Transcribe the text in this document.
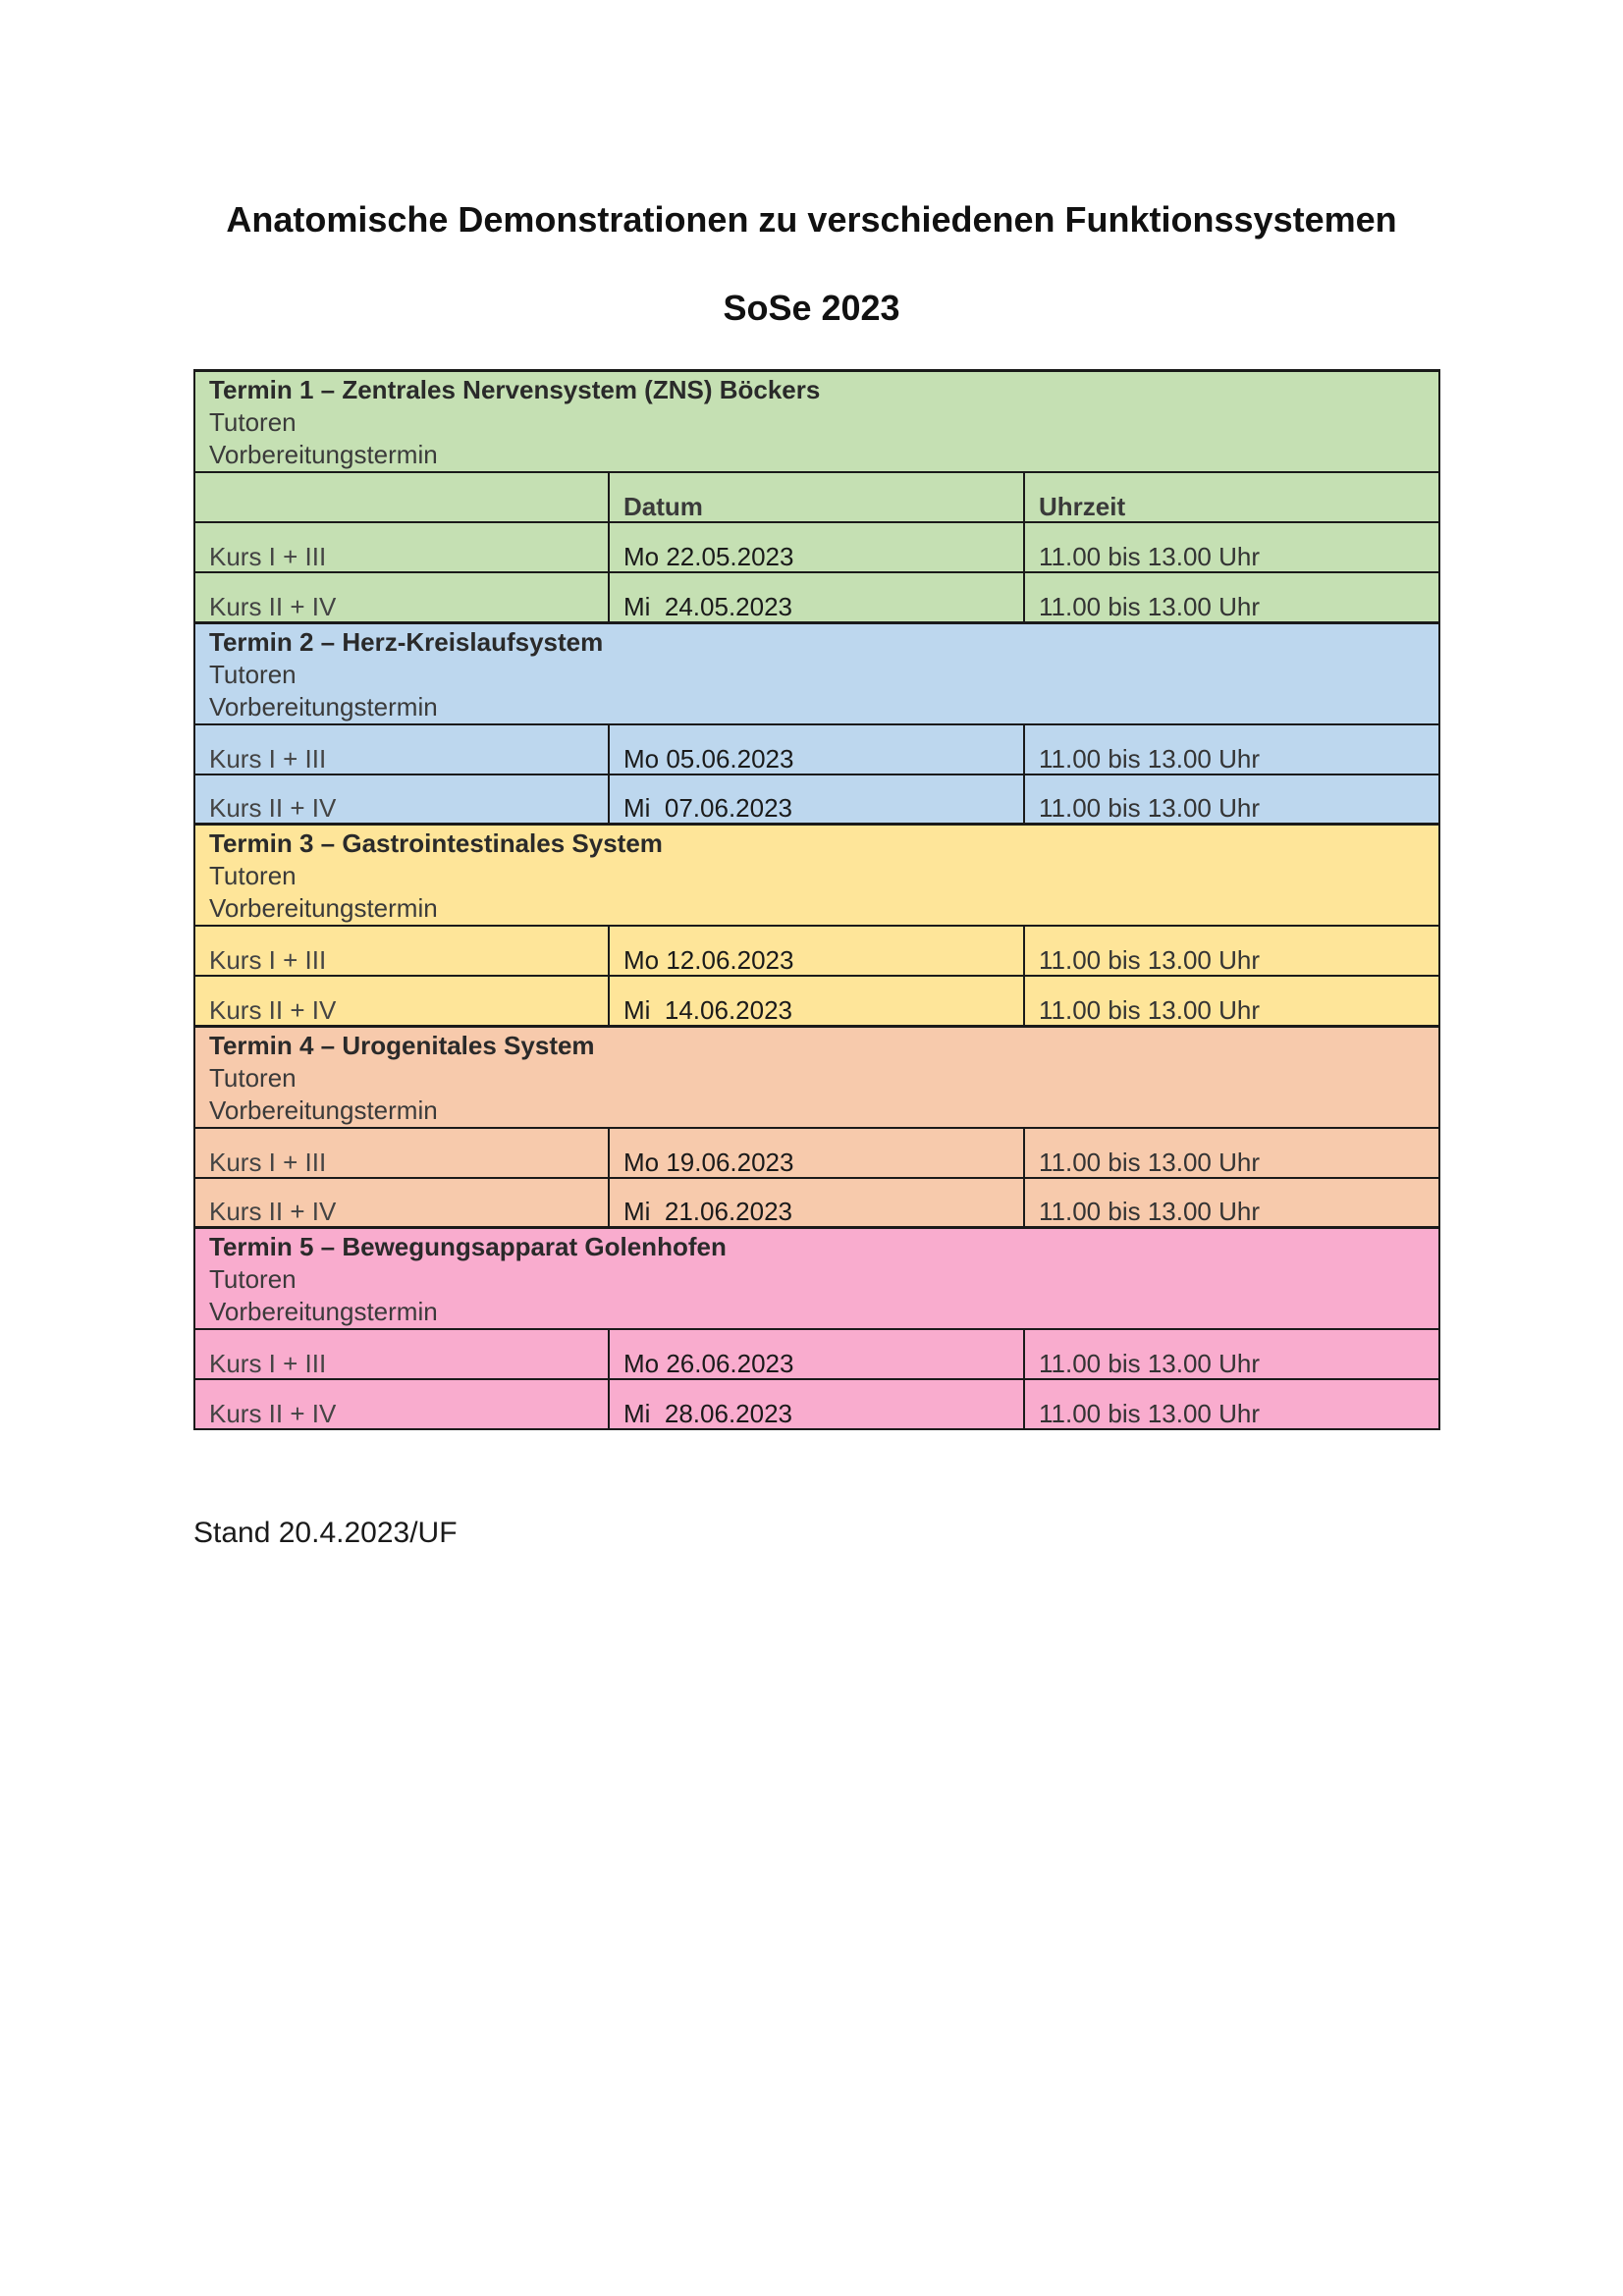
Anatomische Demonstrationen zu verschiedenen Funktionssystemen
SoSe 2023
Termin 1 – Zentrales Nervensystem (ZNS) Böckers
Tutoren
Vorbereitungstermin		

	Datum	Uhrzeit
Kurs I + III	Mo 22.05.2023	11.00 bis 13.00 Uhr
Kurs II + IV	Mi  24.05.2023	11.00 bis 13.00 Uhr

Termin 2 – Herz-Kreislaufsystem
Tutoren
Vorbereitungstermin		

Kurs I + III	Mo 05.06.2023	11.00 bis 13.00 Uhr
Kurs II + IV	Mi  07.06.2023	11.00 bis 13.00 Uhr

Termin 3 – Gastrointestinales System
Tutoren
Vorbereitungstermin		

Kurs I + III	Mo 12.06.2023	11.00 bis 13.00 Uhr
Kurs II + IV	Mi  14.06.2023	11.00 bis 13.00 Uhr

Termin 4 – Urogenitales System
Tutoren
Vorbereitungstermin		

Kurs I + III	Mo 19.06.2023	11.00 bis 13.00 Uhr
Kurs II + IV	Mi  21.06.2023	11.00 bis 13.00 Uhr

Termin 5 – Bewegungsapparat Golenhofen
Tutoren
Vorbereitungstermin		

Kurs I + III	Mo 26.06.2023	11.00 bis 13.00 Uhr
Kurs II + IV	Mi  28.06.2023	11.00 bis 13.00 Uhr

Stand 20.4.2023/UF
